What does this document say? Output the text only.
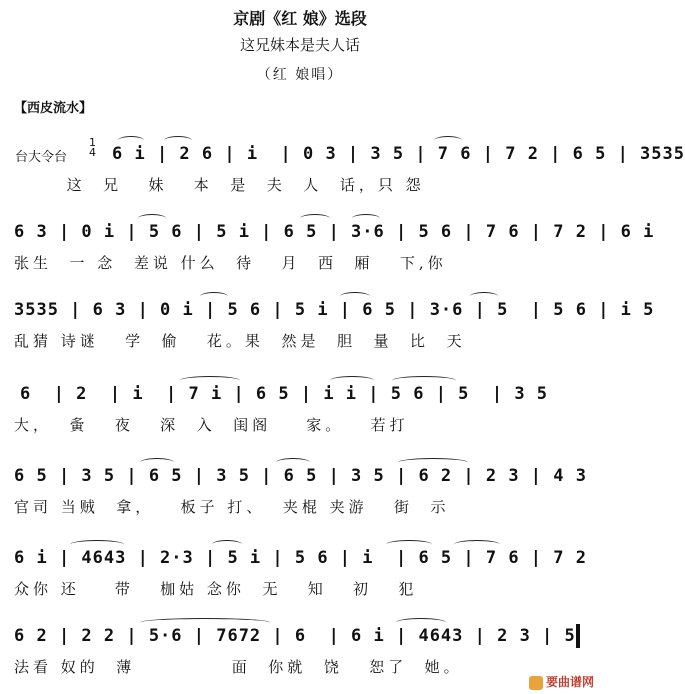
京剧《红 娘》选段
这兄妹本是夫人话
（红 娘唱）
【西皮流水】
台大令台
1
4 6 i | 2 6 | i  | 0 3 | 3 5 | 7 6 | 7 2 | 6 5 | 3535
这  兄   妹   本  是  夫  人  话，只 怨
6 3 | 0 i | 5 6 | 5 i | 6 5 | 3·6 | 5 6 | 7 6 | 7 2 | 6 i
张生  一 念  差说 什么  待   月  西  厢   下,你
3535 | 6 3 | 0 i | 5 6 | 5 i | 6 5 | 3·6 | 5  | 5 6 | i 5
乱猜 诗谜   学  偷   花。果  然是  胆  量  比  天
6  | 2  | i  | 7 i | 6 5 | i i | 5 6 | 5  | 3 5
大，  夤   夜   深  入  闺阁    家。   若打
6 5 | 3 5 | 6 5 | 3 5 | 6 5 | 3 5 | 6 2 | 2 3 | 4 3
官司 当贼  拿，   板子 打、  夹棍 夹游   街  示
6 i | 4643 | 2·3 | 5 i | 5 6 | i  | 6 5 | 7 6 | 7 2
众你 还    带   枷姑 念你  无   知   初   犯
6 2 | 2 2 | 5·6 | 7672 | 6  | 6 i | 4643 | 2 3 | 5
法看 奴的  薄           面  你就  饶   恕了  她。
要曲谱网
